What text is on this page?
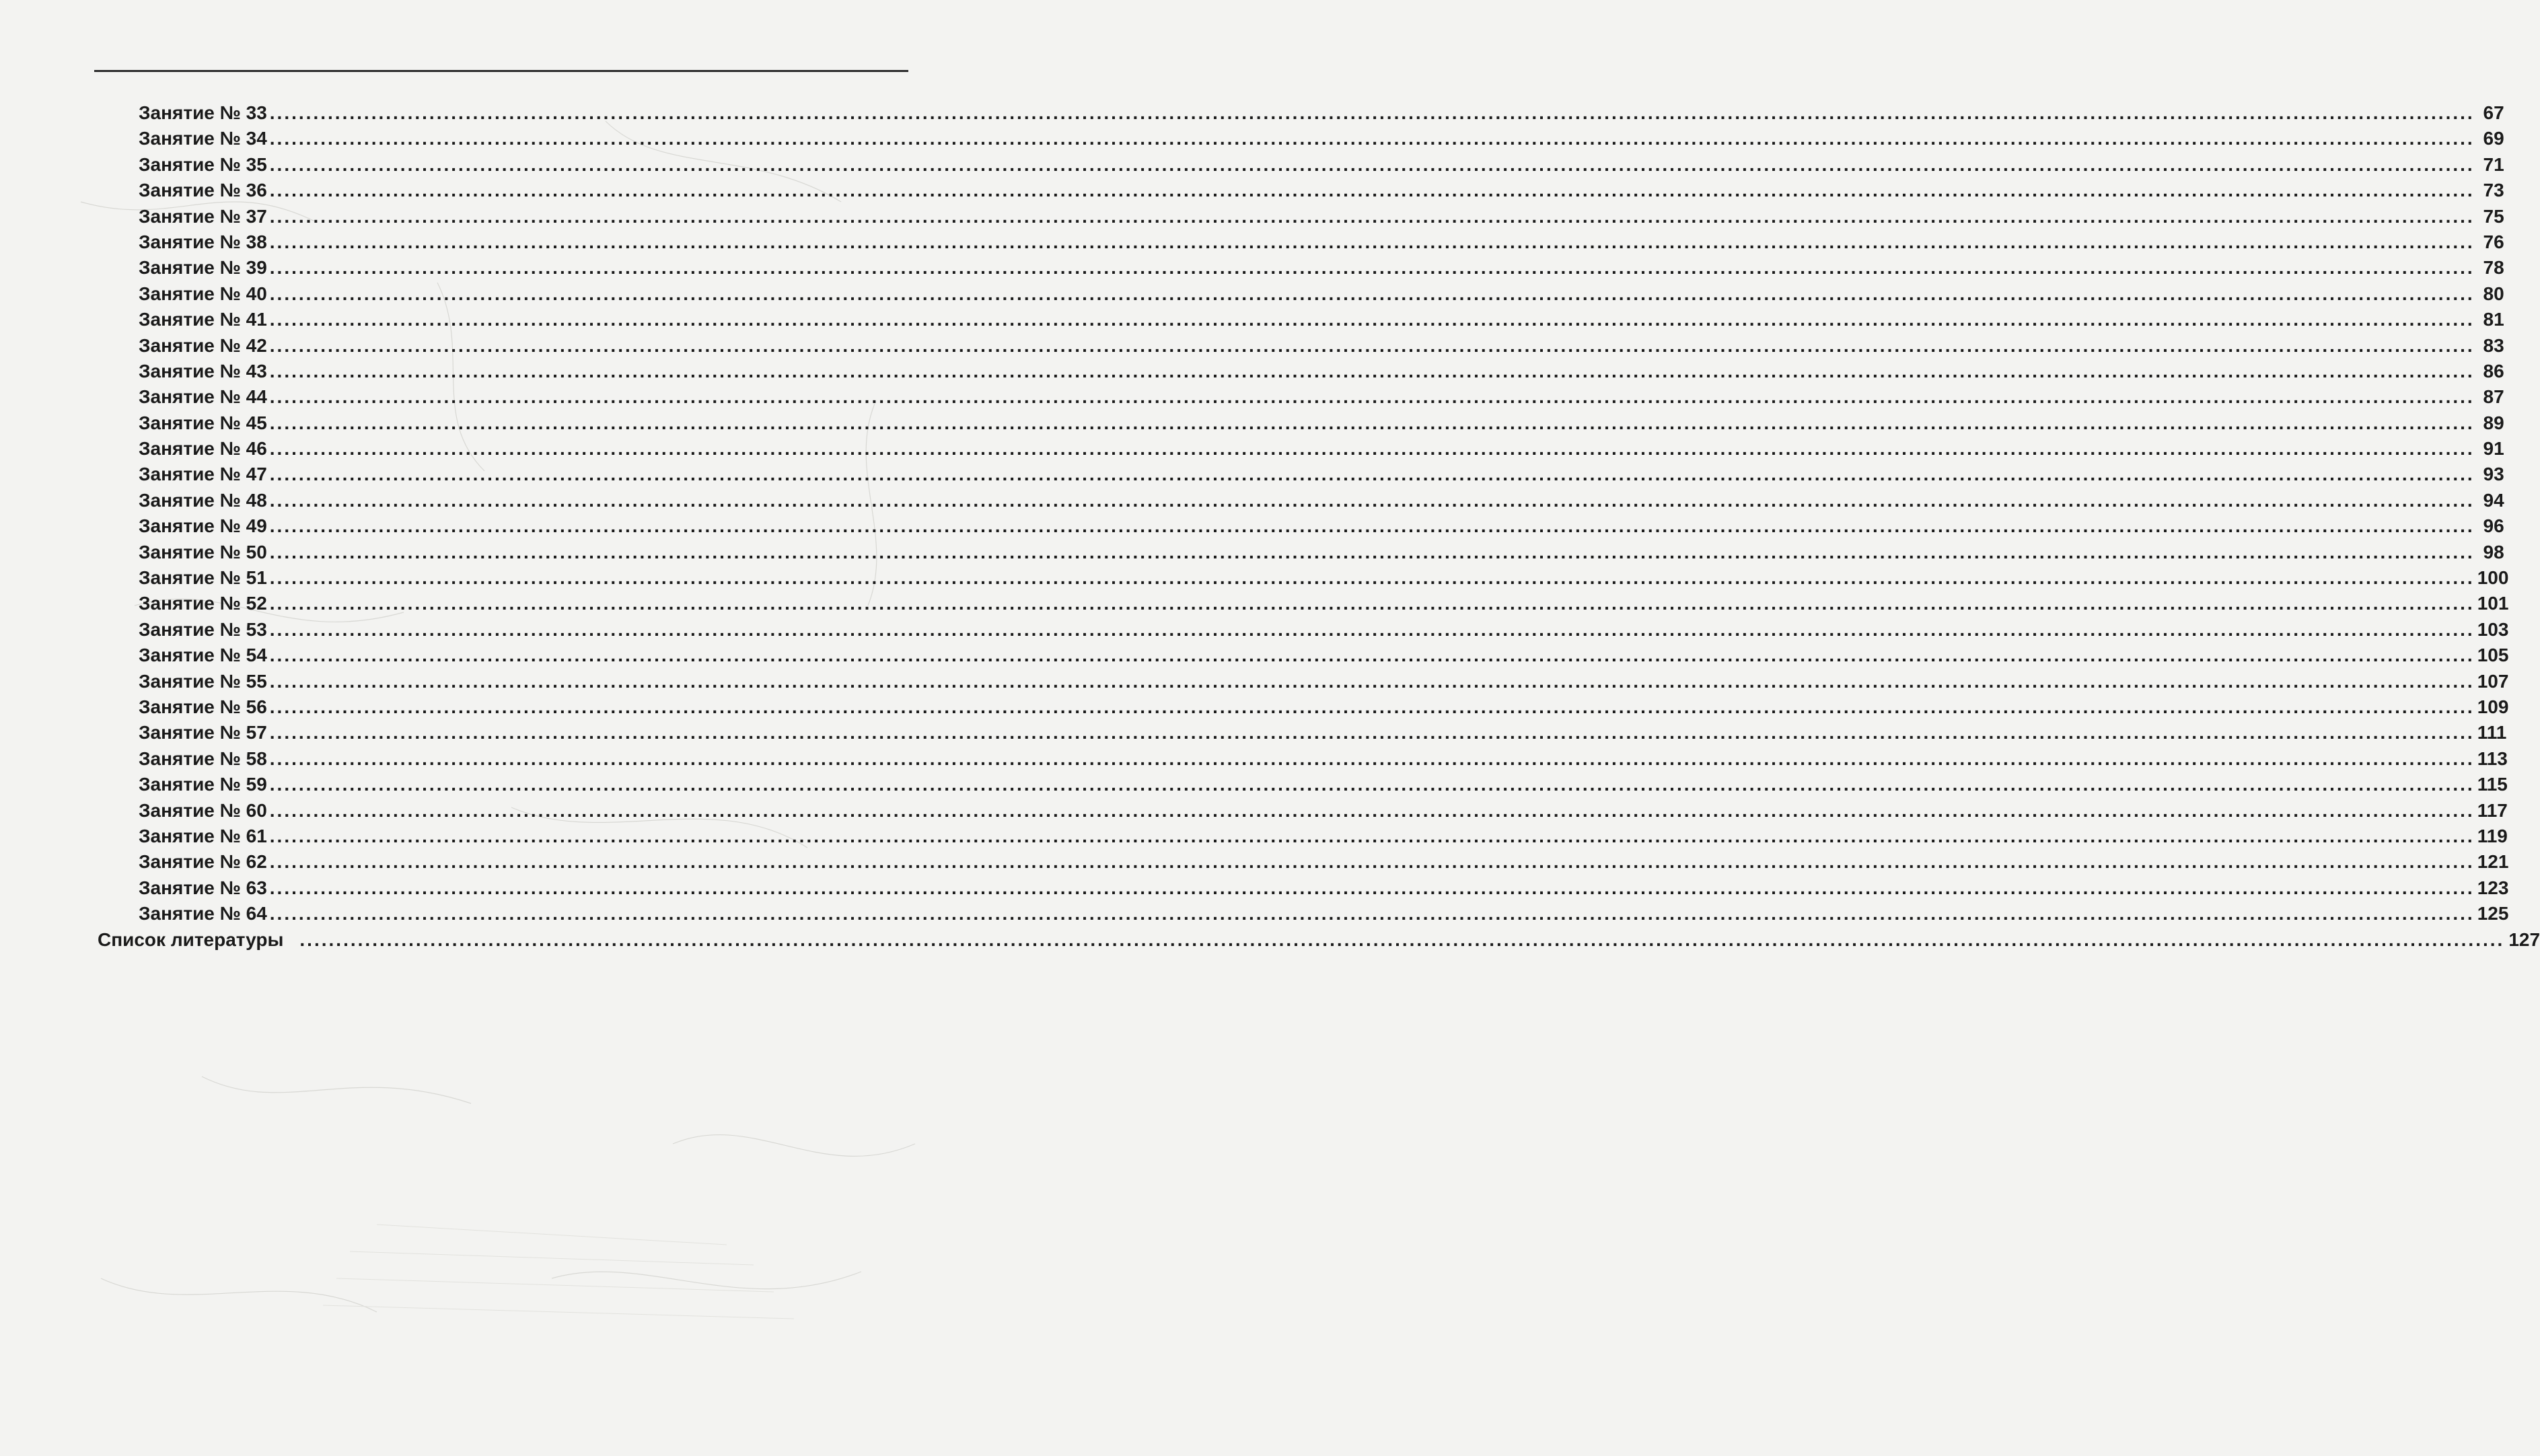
Занятие № 33 ................................................................................................................................................................................................................................................................................................................ 67
Занятие № 34 ................................................................................................................................................................................................................................................................................................................ 69
Занятие № 35 ................................................................................................................................................................................................................................................................................................................ 71
Занятие № 36 ................................................................................................................................................................................................................................................................................................................ 73
Занятие № 37 ................................................................................................................................................................................................................................................................................................................ 75
Занятие № 38 ................................................................................................................................................................................................................................................................................................................ 76
Занятие № 39 ................................................................................................................................................................................................................................................................................................................ 78
Занятие № 40 ................................................................................................................................................................................................................................................................................................................ 80
Занятие № 41 ................................................................................................................................................................................................................................................................................................................ 81
Занятие № 42 ................................................................................................................................................................................................................................................................................................................ 83
Занятие № 43 ................................................................................................................................................................................................................................................................................................................ 86
Занятие № 44 ................................................................................................................................................................................................................................................................................................................ 87
Занятие № 45 ................................................................................................................................................................................................................................................................................................................ 89
Занятие № 46 ................................................................................................................................................................................................................................................................................................................ 91
Занятие № 47 ................................................................................................................................................................................................................................................................................................................ 93
Занятие № 48 ................................................................................................................................................................................................................................................................................................................ 94
Занятие № 49 ................................................................................................................................................................................................................................................................................................................ 96
Занятие № 50 ................................................................................................................................................................................................................................................................................................................ 98
Занятие № 51 ................................................................................................................................................................................................................................................................................................................ 100
Занятие № 52 ................................................................................................................................................................................................................................................................................................................ 101
Занятие № 53 ................................................................................................................................................................................................................................................................................................................ 103
Занятие № 54 ................................................................................................................................................................................................................................................................................................................ 105
Занятие № 55 ................................................................................................................................................................................................................................................................................................................ 107
Занятие № 56 ................................................................................................................................................................................................................................................................................................................ 109
Занятие № 57 ................................................................................................................................................................................................................................................................................................................ 111
Занятие № 58 ................................................................................................................................................................................................................................................................................................................ 113
Занятие № 59 ................................................................................................................................................................................................................................................................................................................ 115
Занятие № 60 ................................................................................................................................................................................................................................................................................................................ 117
Занятие № 61 ................................................................................................................................................................................................................................................................................................................ 119
Занятие № 62 ................................................................................................................................................................................................................................................................................................................ 121
Занятие № 63 ................................................................................................................................................................................................................................................................................................................ 123
Занятие № 64 ................................................................................................................................................................................................................................................................................................................ 125
Список литературы ................................................................................................................................................................................................................................................................................................................ 127
